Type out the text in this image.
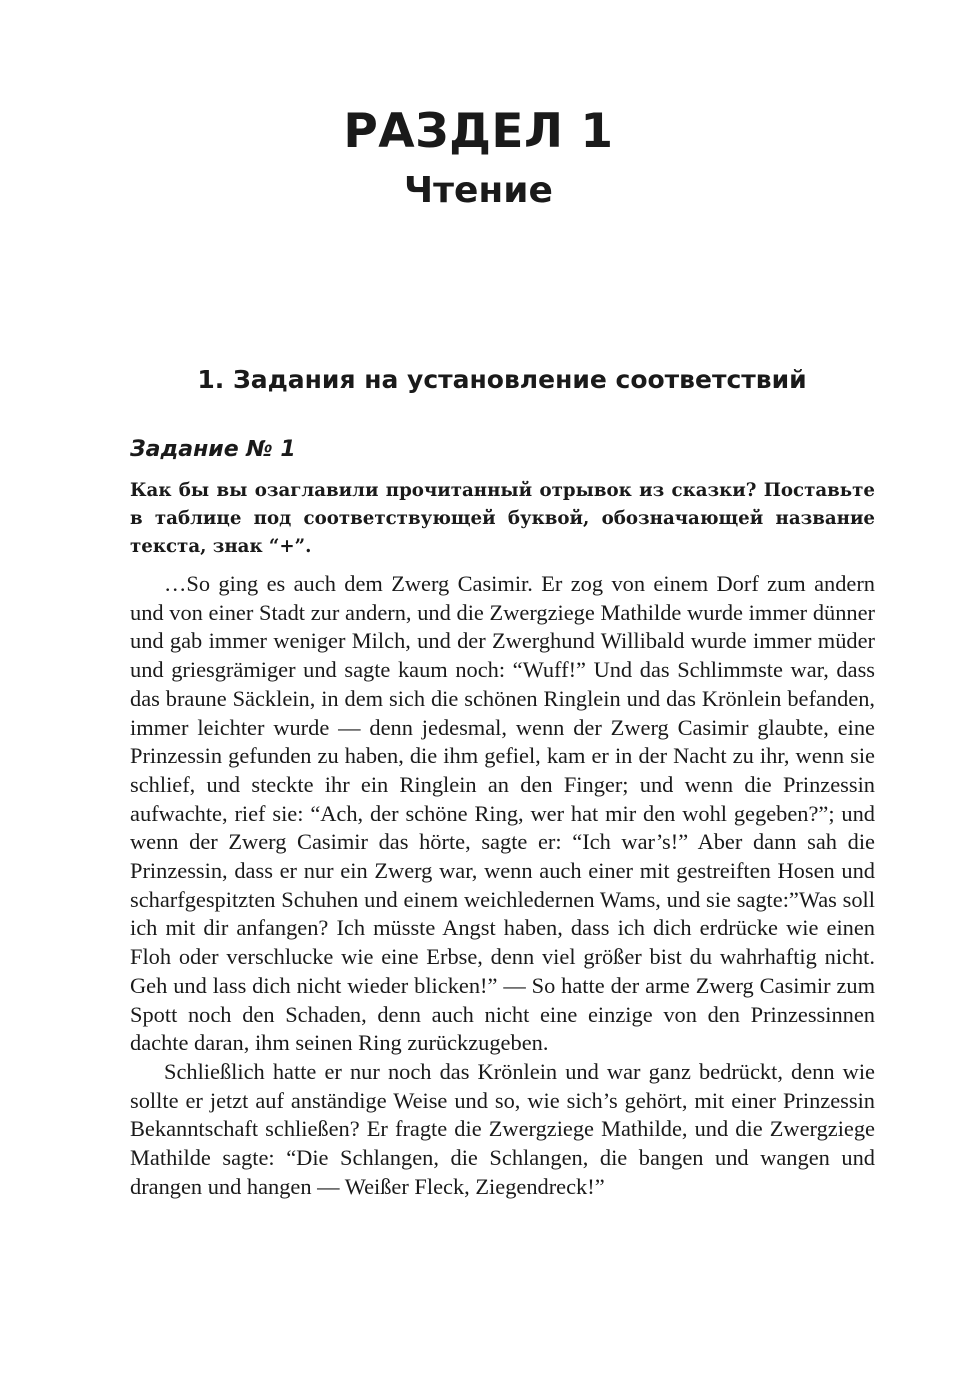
РАЗДЕЛ 1
Чтение
1. Задания на установление соответствий
Задание № 1

Как бы вы озаглавили прочитанный отрывок из сказки? Поставьте в таблице под соответствующей буквой, обозначающей название текста, знак “+”.

…So ging es auch dem Zwerg Casimir. Er zog von einem Dorf zum andern und von einer Stadt zur andern, und die Zwergziege Mathilde wurde immer dünner und gab immer weniger Milch, und der Zwerghund Willibald wurde immer müder und griesgrämiger und sagte kaum noch: “Wuff!” Und das Schlimmste war, dass das braune Säcklein, in dem sich die schönen Ringlein und das Krönlein befanden, immer leichter wurde — denn jedesmal, wenn der Zwerg Casimir glaubte, eine Prinzessin gefunden zu haben, die ihm gefiel, kam er in der Nacht zu ihr, wenn sie schlief, und steckte ihr ein Ringlein an den Finger; und wenn die Prinzessin aufwachte, rief sie: “Ach, der schöne Ring, wer hat mir den wohl gegeben?”; und wenn der Zwerg Casimir das hörte, sagte er: “Ich war’s!” Aber dann sah die Prinzessin, dass er nur ein Zwerg war, wenn auch einer mit gestreiften Hosen und scharfgespitzten Schuhen und einem weichledernen Wams, und sie sagte:”Was soll ich mit dir anfangen? Ich müsste Angst haben, dass ich dich erdrücke wie einen Floh oder verschlucke wie eine Erbse, denn viel größer bist du wahrhaftig nicht. Geh und lass dich nicht wieder blicken!” — So hatte der arme Zwerg Casimir zum Spott noch den Schaden, denn auch nicht eine einzige von den Prinzessinnen dachte daran, ihm seinen Ring zurückzugeben.

Schließlich hatte er nur noch das Krönlein und war ganz bedrückt, denn wie sollte er jetzt auf anständige Weise und so, wie sich’s gehört, mit einer Prinzessin Bekanntschaft schließen? Er fragte die Zwergziege Mathilde, und die Zwergziege Mathilde sagte: “Die Schlangen, die Schlangen, die bangen und wangen und drangen und hangen — Weißer Fleck, Ziegendreck!”
